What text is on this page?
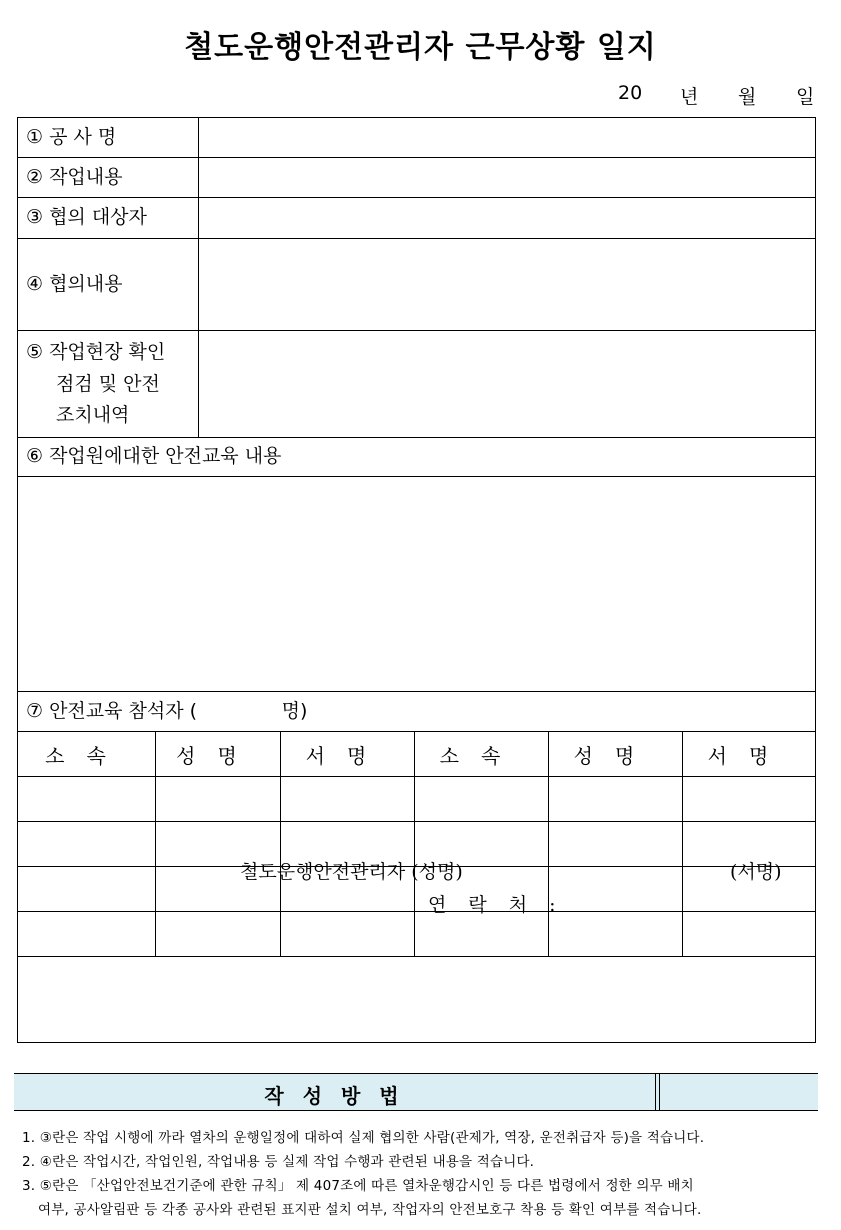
철도운행안전관리자 근무상황 일지
20	년	월	일
① 공 사 명
② 작업내용
③ 협의 대상자
④ 협의내용
⑤ 작업현장 확인
점검 및 안전
조치내역
⑥ 작업원에대한 안전교육 내용
⑦ 안전교육 참석자 (              명)
소속	성명	서명	소속	성명	서명
철도운행안전관리자 (성명)	(서명)
연 락 처 :
작 성 방 법
1. ③란은 작업 시행에 까라 열차의 운행일정에 대하여 실제 협의한 사람(관제가, 역장, 운전취급자 등)을 적습니다.
2. ④란은 작업시간, 작업인원, 작업내용 등 실제 작업 수행과 관련된 내용을 적습니다.
3. ⑤란은 「산업안전보건기준에 관한 규칙」 제 407조에 따른 열차운행감시인 등 다른 법령에서 정한 의무 배치
여부, 공사알림판 등 각종 공사와 관련된 표지판 설치 여부, 작업자의 안전보호구 착용 등 확인 여부를 적습니다.
